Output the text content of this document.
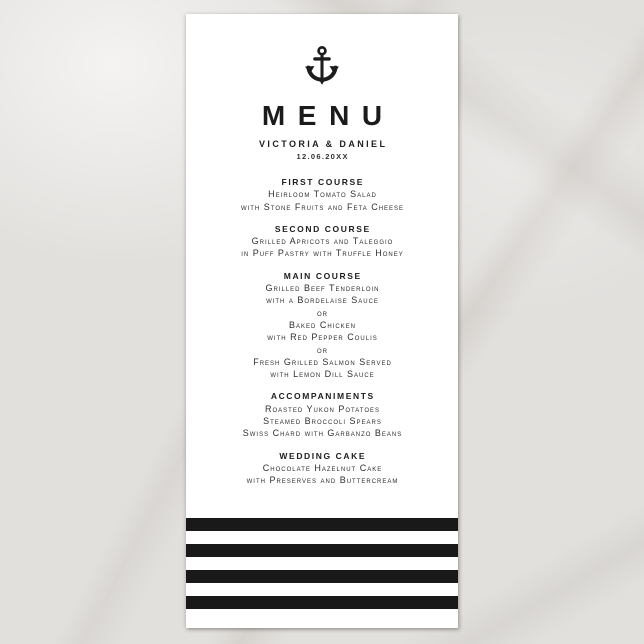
MENU
VICTORIA & DANIEL
12.06.20XX
FIRST COURSE
Heirloom Tomato Salad
with Stone Fruits and Feta Cheese
SECOND COURSE
Grilled Apricots and Taleggio
in Puff Pastry with Truffle Honey
MAIN COURSE
Grilled Beef Tenderloin
with a Bordelaise Sauce
or
Baked Chicken
with Red Pepper Coulis
or
Fresh Grilled Salmon Served
with Lemon Dill Sauce
ACCOMPANIMENTS
Roasted Yukon Potatoes
Steamed Broccoli Spears
Swiss Chard with Garbanzo Beans
WEDDING CAKE
Chocolate Hazelnut Cake
with Preserves and Buttercream
